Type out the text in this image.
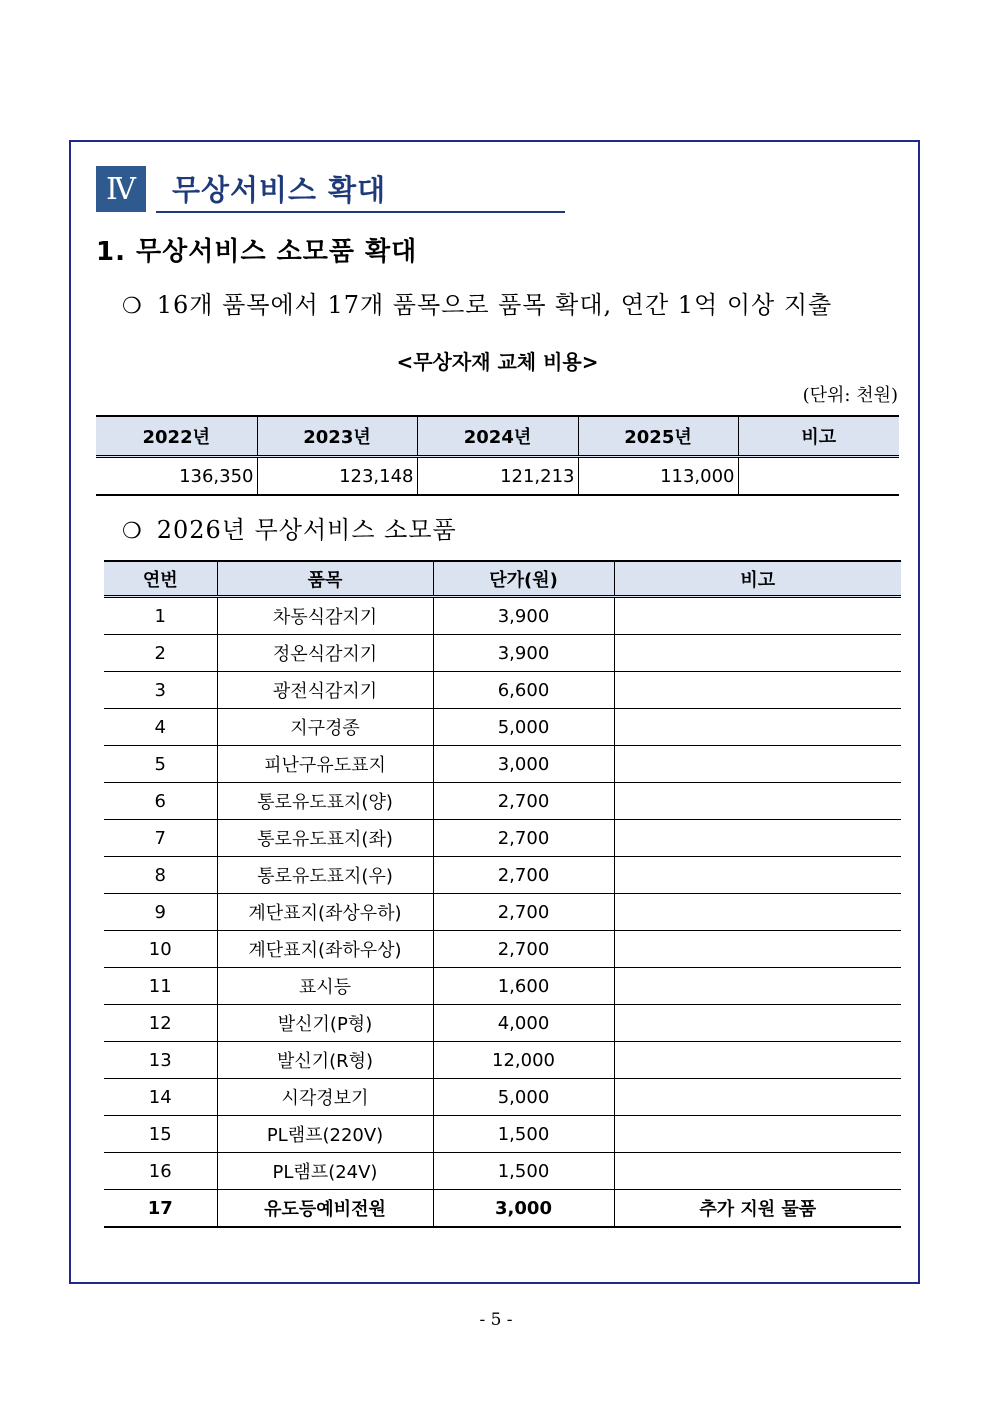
Ⅳ	무상서비스 확대
1. 무상서비스 소모품 확대
❍ 16개 품목에서 17개 품목으로 품목 확대, 연간 1억 이상 지출
<무상자재 교체 비용>
(단위: 천원)
2022년	2023년	2024년	2025년	비고
136,350	123,148	121,213	113,000	
❍ 2026년 무상서비스 소모품
연번	품목	단가(원)	비고
1	차동식감지기	3,900	
2	정온식감지기	3,900	
3	광전식감지기	6,600	
4	지구경종	5,000	
5	피난구유도표지	3,000	
6	통로유도표지(양)	2,700	
7	통로유도표지(좌)	2,700	
8	통로유도표지(우)	2,700	
9	계단표지(좌상우하)	2,700	
10	계단표지(좌하우상)	2,700	
11	표시등	1,600	
12	발신기(P형)	4,000	
13	발신기(R형)	12,000	
14	시각경보기	5,000	
15	PL램프(220V)	1,500	
16	PL램프(24V)	1,500	
17	유도등예비전원	3,000	추가 지원 물품
- 5 -
